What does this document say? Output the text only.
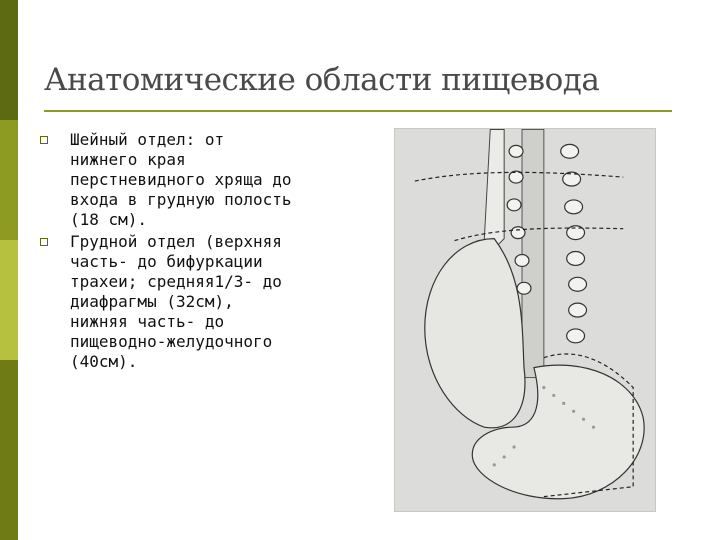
Анатомические области пищевода
Шейный отдел: от
нижнего края
перстневидного хряща до
входа в грудную полость
(18 см).
Грудной отдел (верхняя
часть- до бифуркации
трахеи; средняя1/3- до
диафрагмы (32см),
нижняя часть- до
пищеводно-желудочного
(40см).
